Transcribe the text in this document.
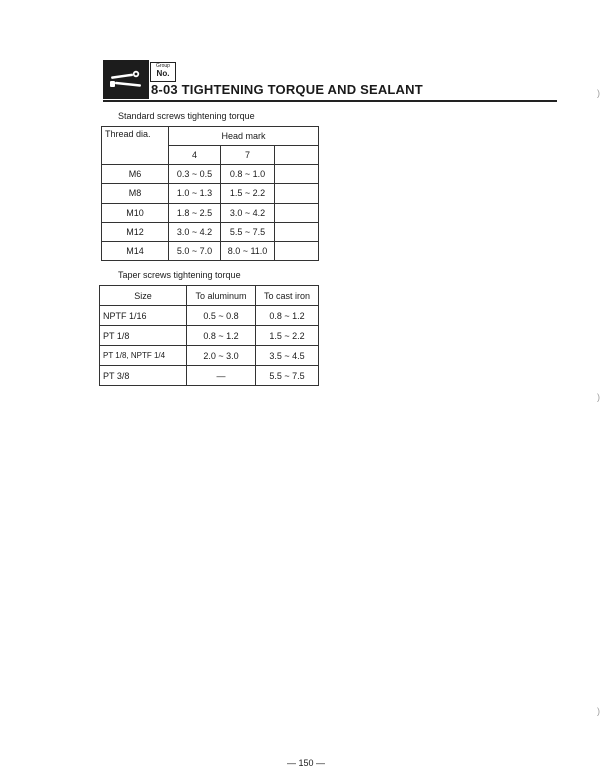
Group
No.
8-03 TIGHTENING TORQUE AND SEALANT
Standard screws tightening torque
Thread dia.	Head mark		
	4	7	
M6	0.3 ~ 0.5	0.8 ~ 1.0	
M8	1.0 ~ 1.3	1.5 ~ 2.2	
M10	1.8 ~ 2.5	3.0 ~ 4.2	
M12	3.0 ~ 4.2	5.5 ~ 7.5	
M14	5.0 ~ 7.0	8.0 ~ 11.0	
Taper screws tightening torque
Size	To aluminum	To cast iron
NPTF 1/16	0.5 ~ 0.8	0.8 ~ 1.2
PT 1/8	0.8 ~ 1.2	1.5 ~ 2.2
PT 1/8, NPTF 1/4	2.0 ~ 3.0	3.5 ~ 4.5
PT 3/8	—	5.5 ~ 7.5
)
)
)
— 150 —
